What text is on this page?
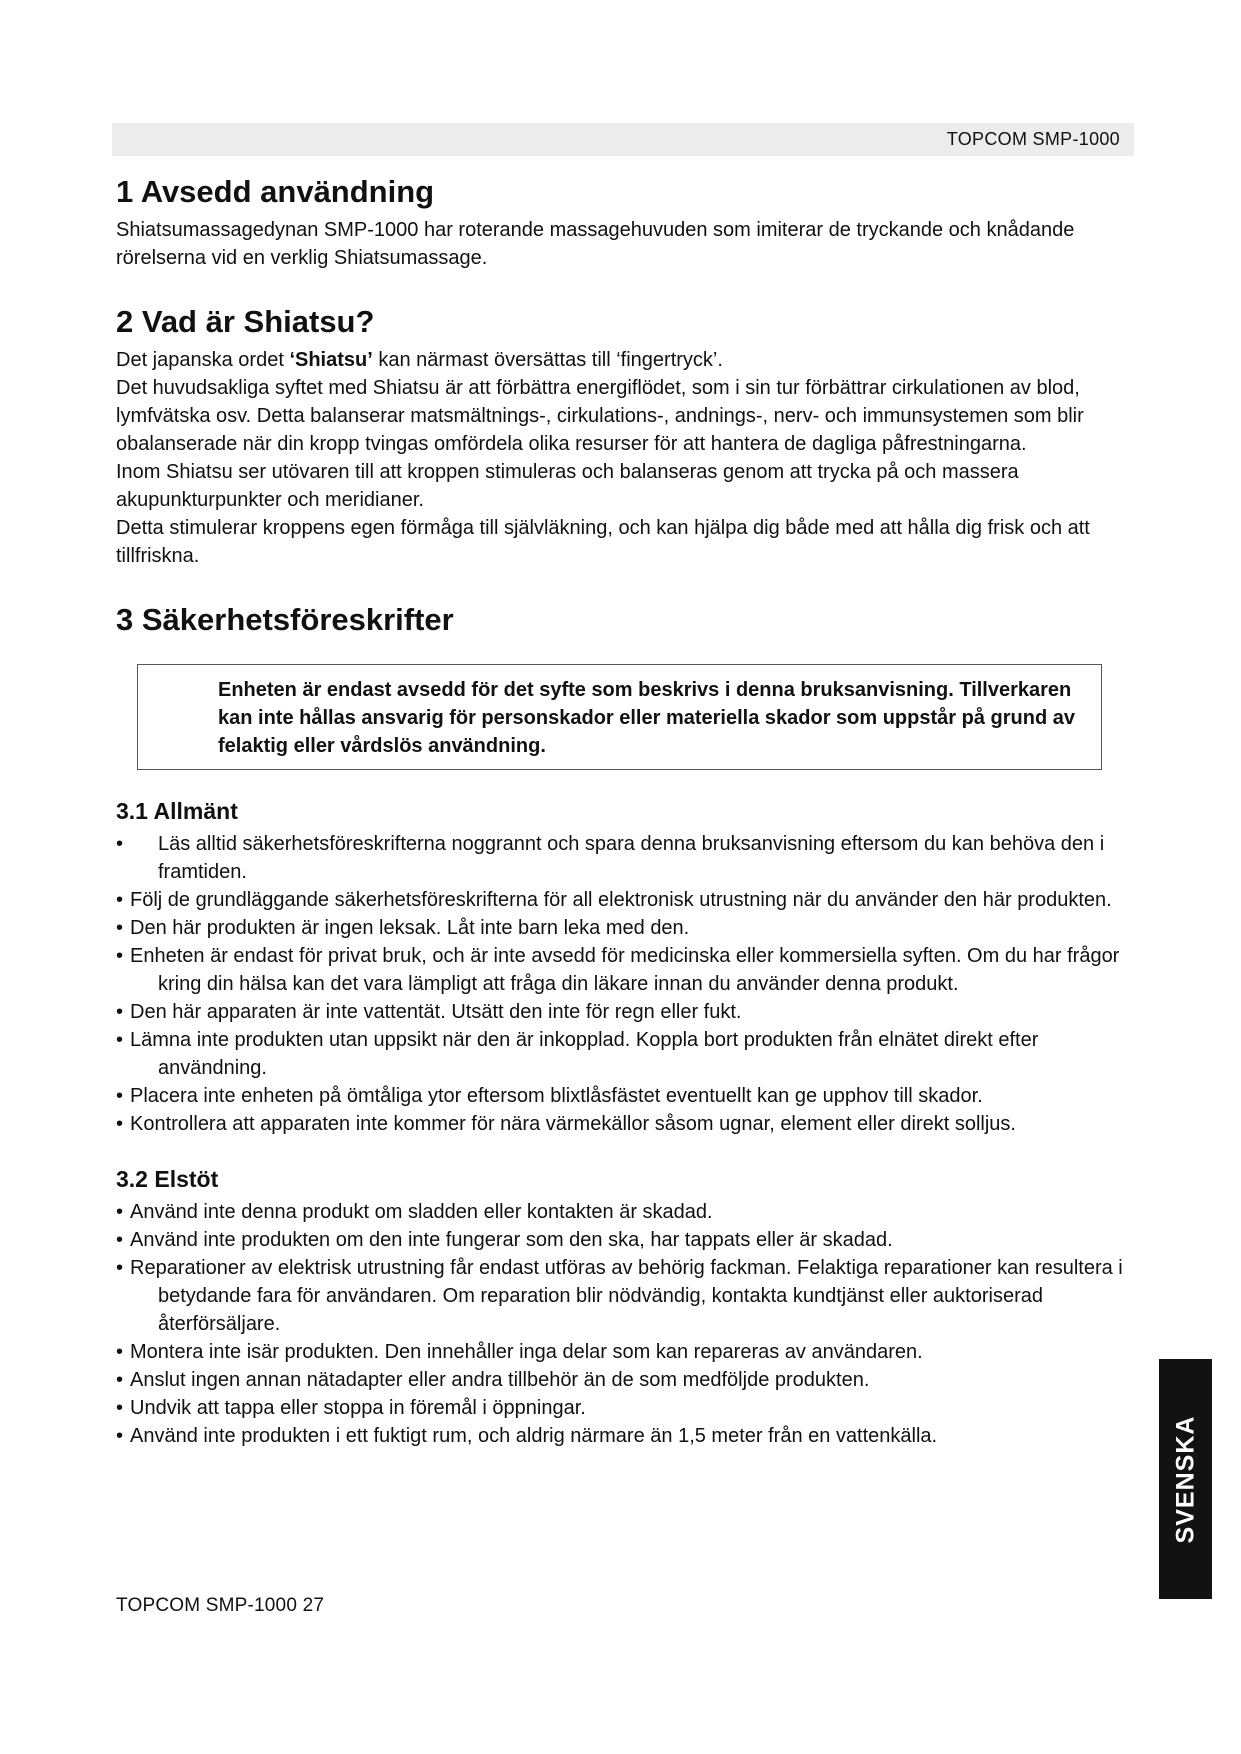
TOPCOM SMP-1000
1 Avsedd användning

Shiatsumassagedynan SMP-1000 har roterande massagehuvuden som imiterar de tryckande och knådande rörelserna vid en verklig Shiatsumassage.

2 Vad är Shiatsu?

Det japanska ordet ‘Shiatsu’ kan närmast översättas till ‘fingertryck’.

Det huvudsakliga syftet med Shiatsu är att förbättra energiflödet, som i sin tur förbättrar cirkulationen av blod, lymfvätska osv. Detta balanserar matsmältnings-, cirkulations-, andnings-, nerv- och immunsystemen som blir obalanserade när din kropp tvingas omfördela olika resurser för att hantera de dagliga påfrestningarna.

Inom Shiatsu ser utövaren till att kroppen stimuleras och balanseras genom att trycka på och massera akupunkturpunkter och meridianer.

Detta stimulerar kroppens egen förmåga till självläkning, och kan hjälpa dig både med att hålla dig frisk och att tillfriskna.

3 Säkerhetsföreskrifter
Enheten är endast avsedd för det syfte som beskrivs i denna bruksanvisning. Tillverkaren kan inte hållas ansvarig för personskador eller materiella skador som uppstår på grund av felaktig eller vårdslös användning.
3.1 Allmänt
• Läs alltid säkerhetsföreskrifterna noggrannt och spara denna bruksanvisning eftersom du kan behöva den i framtiden.
• Följ de grundläggande säkerhetsföreskrifterna för all elektronisk utrustning när du använder den här produkten.
• Den här produkten är ingen leksak. Låt inte barn leka med den.
• Enheten är endast för privat bruk, och är inte avsedd för medicinska eller kommersiella syften. Om du har frågor kring din hälsa kan det vara lämpligt att fråga din läkare innan du använder denna produkt.
• Den här apparaten är inte vattentät. Utsätt den inte för regn eller fukt.
• Lämna inte produkten utan uppsikt när den är inkopplad. Koppla bort produkten från elnätet direkt efter användning.
• Placera inte enheten på ömtåliga ytor eftersom blixtlåsfästet eventuellt kan ge upphov till skador.
• Kontrollera att apparaten inte kommer för nära värmekällor såsom ugnar, element eller direkt solljus.
3.2 Elstöt
• Använd inte denna produkt om sladden eller kontakten är skadad.
• Använd inte produkten om den inte fungerar som den ska, har tappats eller är skadad.
• Reparationer av elektrisk utrustning får endast utföras av behörig fackman. Felaktiga reparationer kan resultera i betydande fara för användaren. Om reparation blir nödvändig, kontakta kundtjänst eller auktoriserad återförsäljare.
• Montera inte isär produkten. Den innehåller inga delar som kan repareras av användaren.
• Anslut ingen annan nätadapter eller andra tillbehör än de som medföljde produkten.
• Undvik att tappa eller stoppa in föremål i öppningar.
• Använd inte produkten i ett fuktigt rum, och aldrig närmare än 1,5 meter från en vattenkälla.
TOPCOM SMP-1000 27
SVENSKA
